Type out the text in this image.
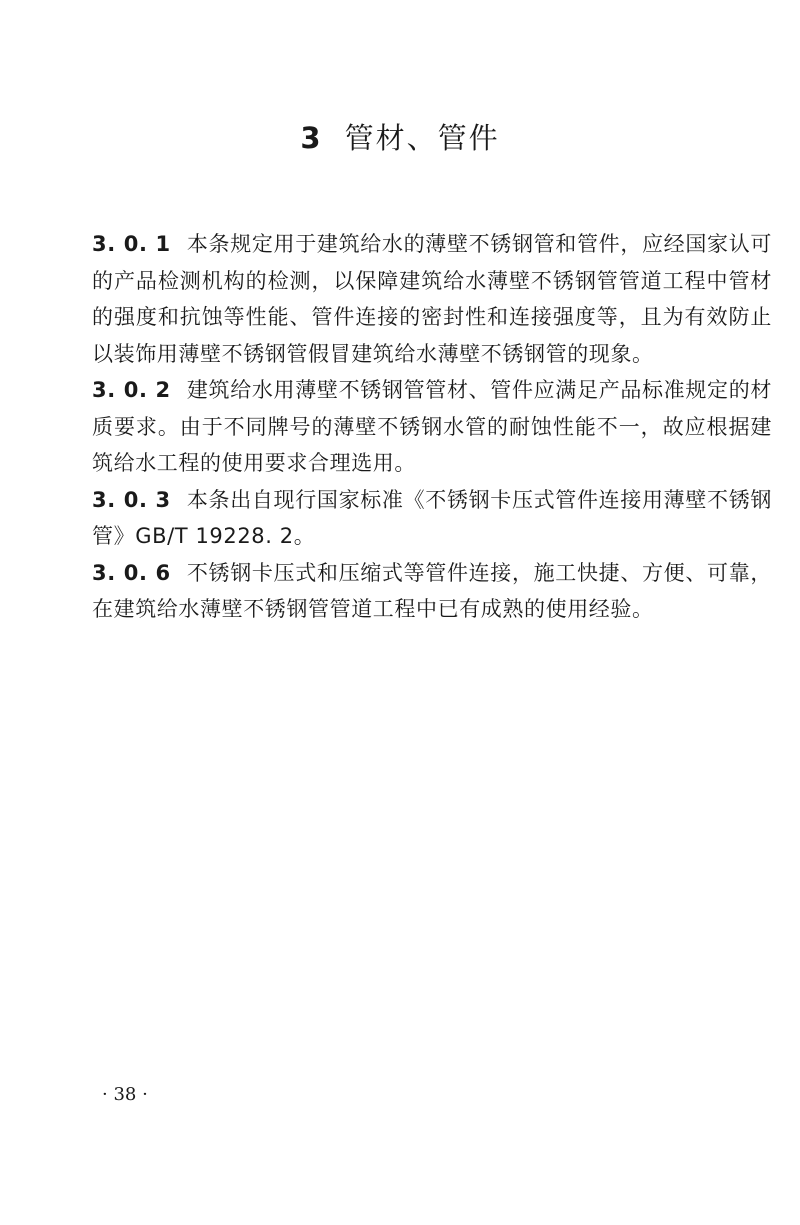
3 管材、管件

3. 0. 1 本条规定用于建筑给水的薄壁不锈钢管和管件，应经国家认可的产品检测机构的检测，以保障建筑给水薄壁不锈钢管管道工程中管材的强度和抗蚀等性能、管件连接的密封性和连接强度等，且为有效防止以装饰用薄壁不锈钢管假冒建筑给水薄壁不锈钢管的现象。

3. 0. 2 建筑给水用薄壁不锈钢管管材、管件应满足产品标准规定的材质要求。由于不同牌号的薄壁不锈钢水管的耐蚀性能不一，故应根据建筑给水工程的使用要求合理选用。

3. 0. 3 本条出自现行国家标准《不锈钢卡压式管件连接用薄壁不锈钢管》GB/T 19228. 2。

3. 0. 6 不锈钢卡压式和压缩式等管件连接，施工快捷、方便、可靠，在建筑给水薄壁不锈钢管管道工程中已有成熟的使用经验。

· 38 ·
